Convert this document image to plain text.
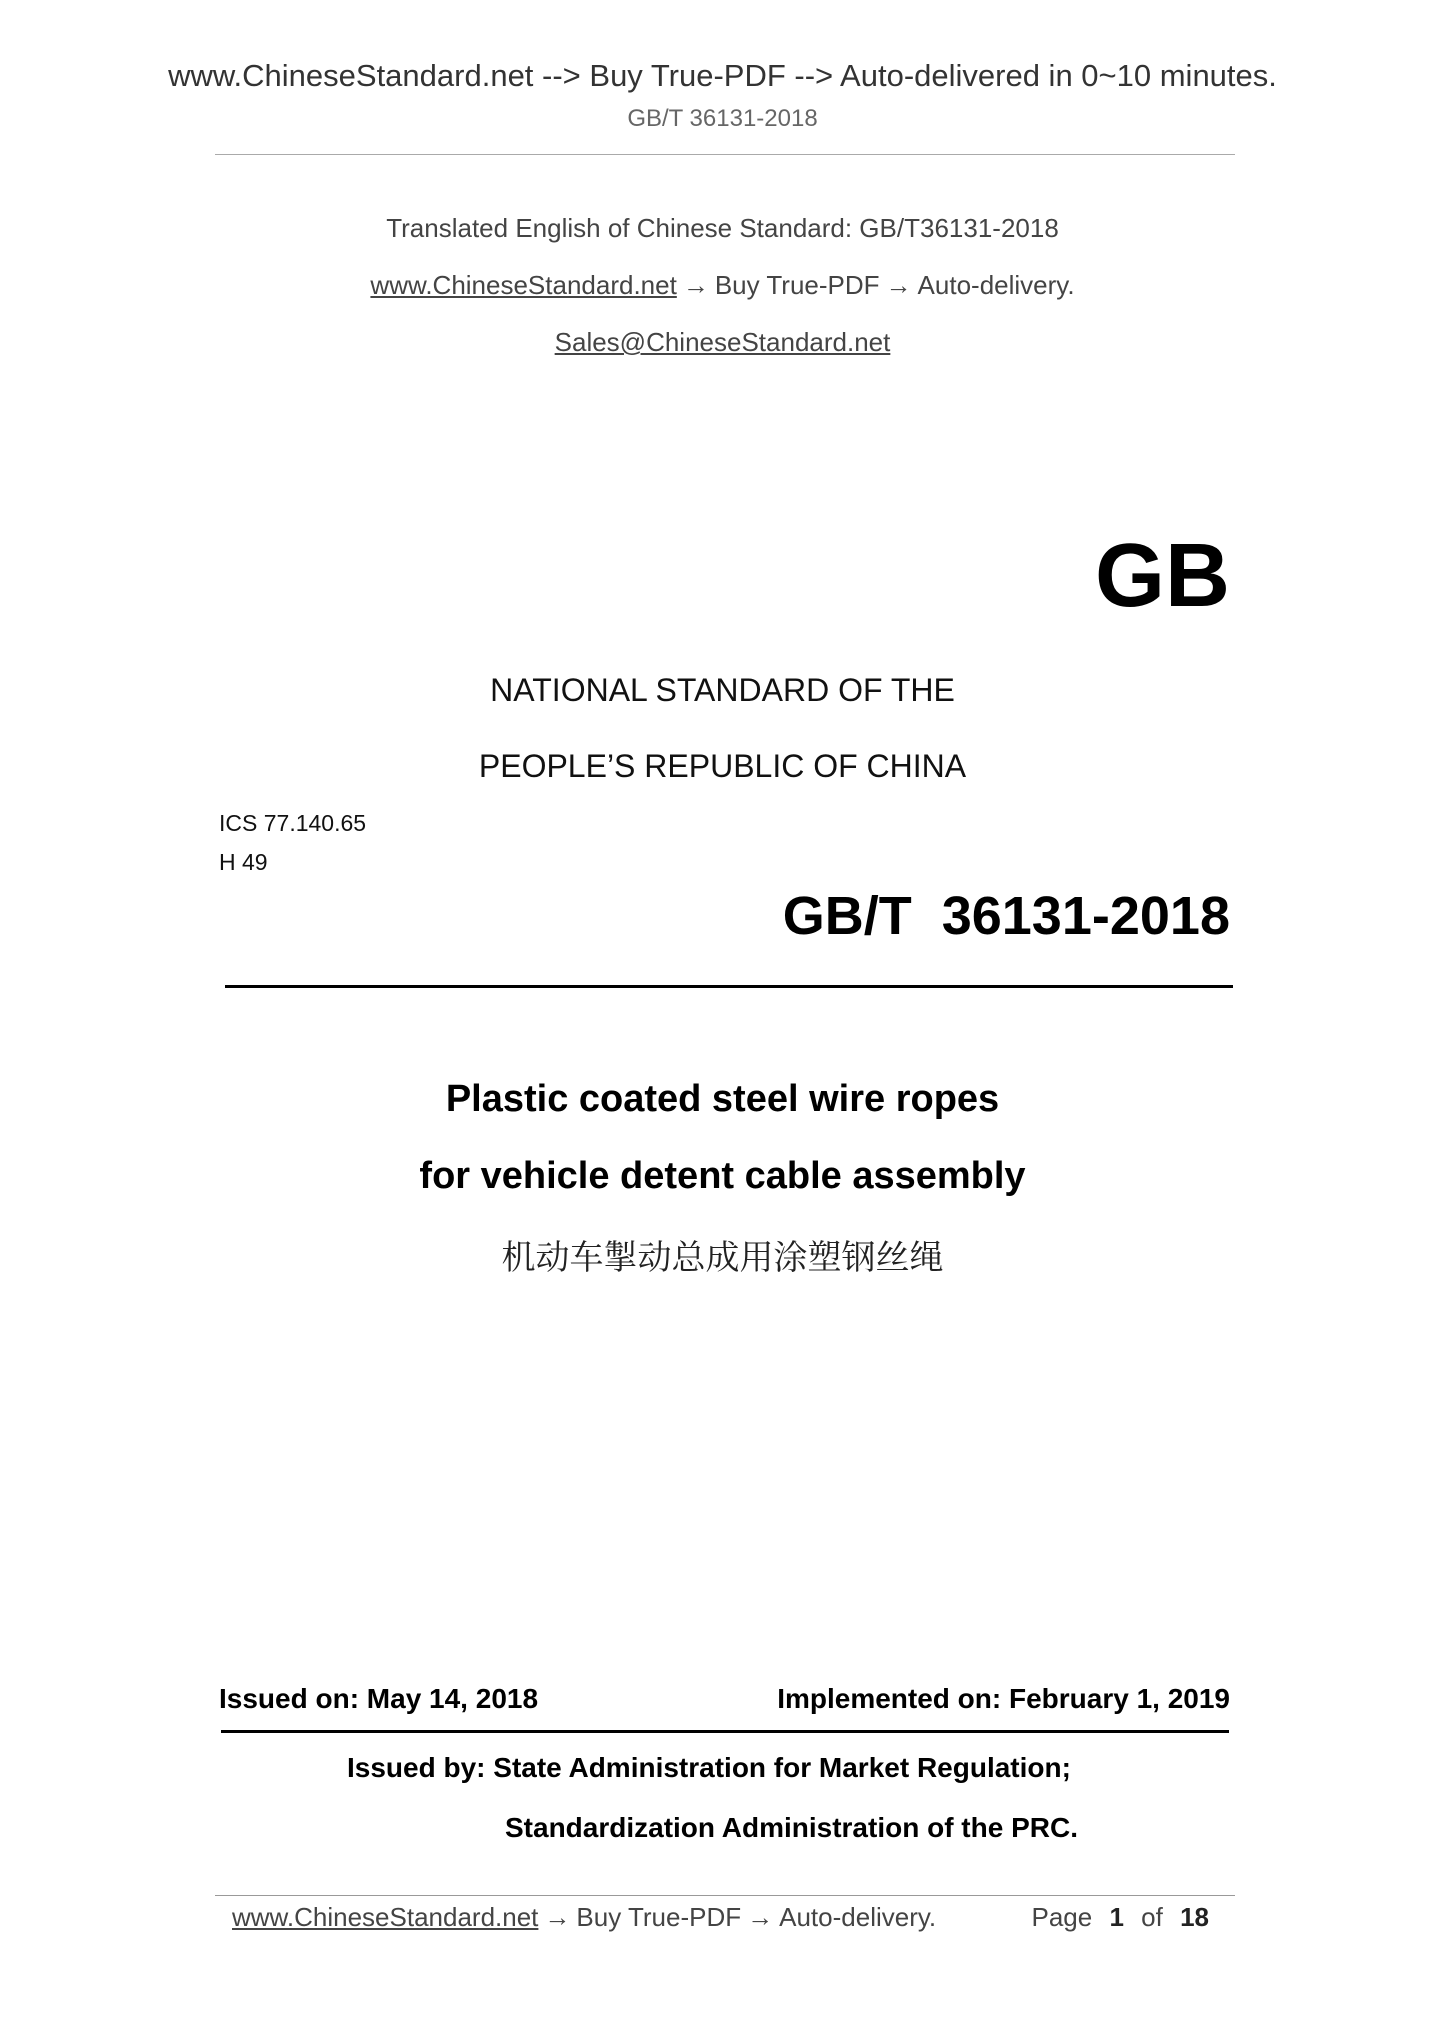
www.ChineseStandard.net --> Buy True-PDF --> Auto-delivered in 0~10 minutes.
GB/T 36131-2018
Translated English of Chinese Standard: GB/T36131-2018
www.ChineseStandard.net → Buy True-PDF → Auto-delivery.
Sales@ChineseStandard.net
GB
NATIONAL STANDARD OF THE
PEOPLE’S REPUBLIC OF CHINA
ICS 77.140.65
H 49
GB/T  36131-2018
Plastic coated steel wire ropes
for vehicle detent cable assembly
机动车掣动总成用涂塑钢丝绳
Issued on: May 14, 2018	Implemented on: February 1, 2019
Issued by: State Administration for Market Regulation;
Standardization Administration of the PRC.
www.ChineseStandard.net → Buy True-PDF → Auto-delivery.	Page 1 of 18
